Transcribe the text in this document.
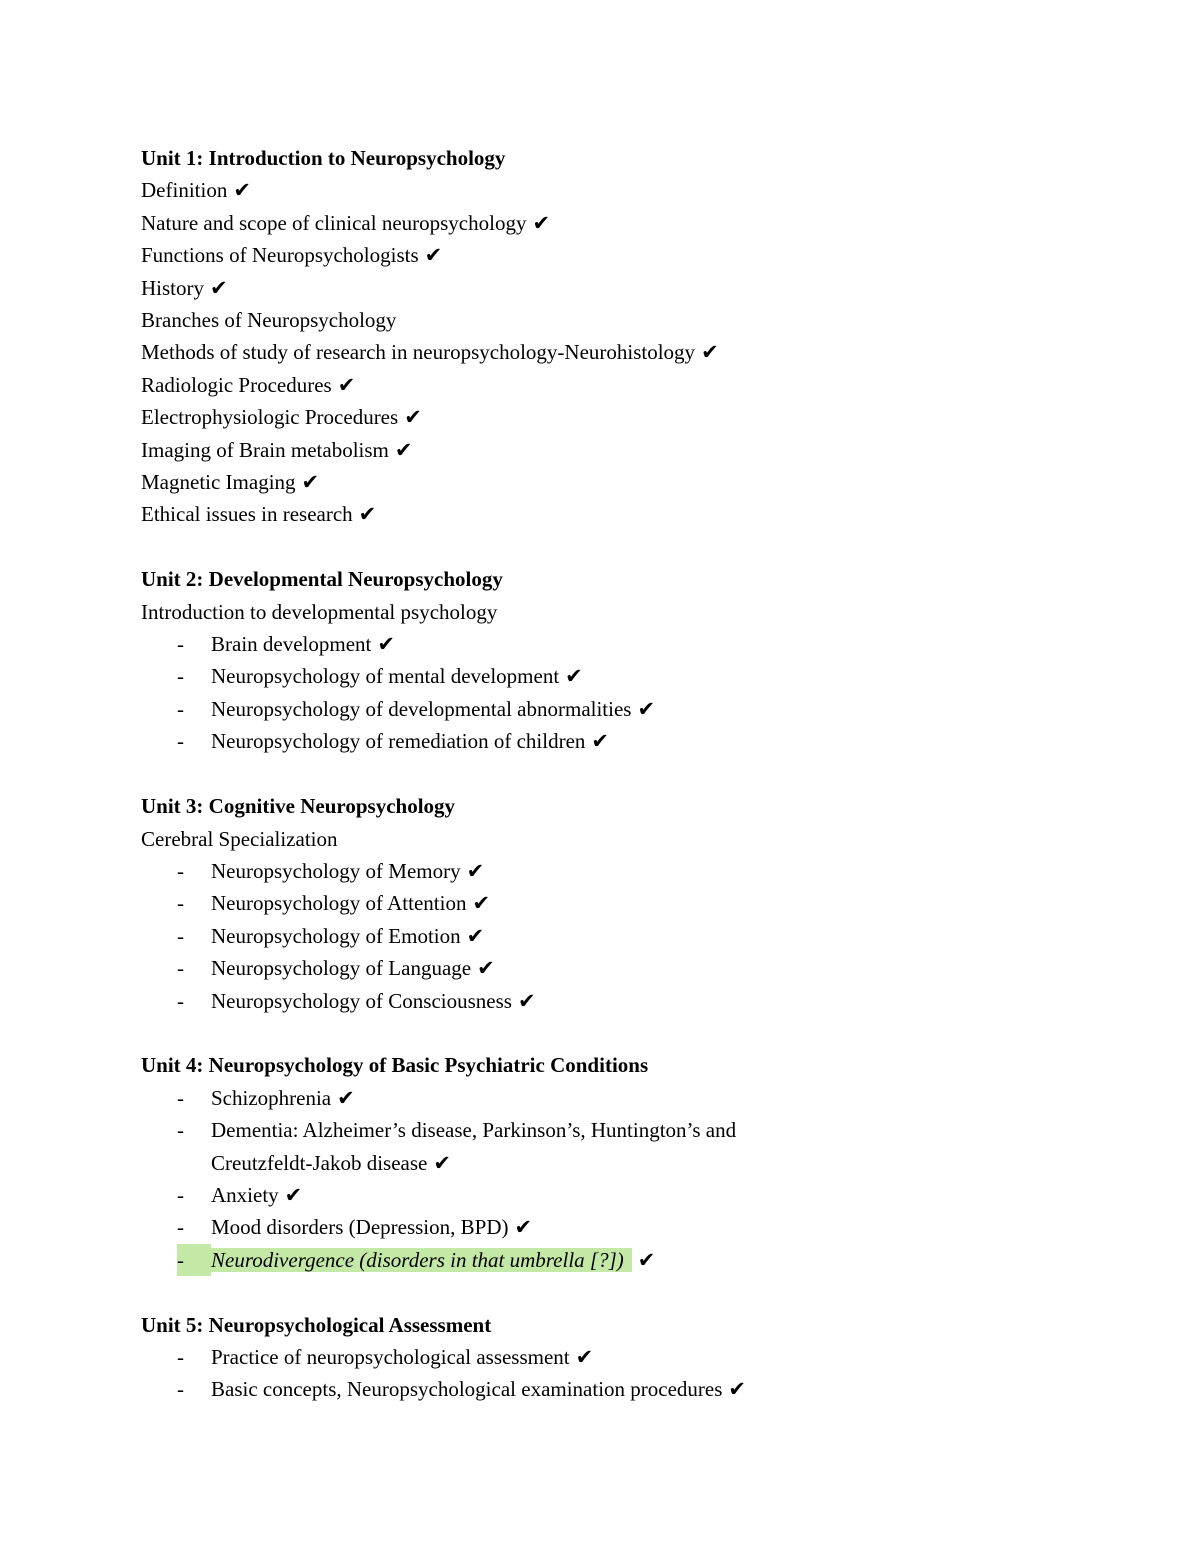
Unit 1: Introduction to Neuropsychology
Definition ✔
Nature and scope of clinical neuropsychology ✔
Functions of Neuropsychologists ✔
History ✔
Branches of Neuropsychology
Methods of study of research in neuropsychology-Neurohistology ✔
Radiologic Procedures ✔
Electrophysiologic Procedures ✔
Imaging of Brain metabolism ✔
Magnetic Imaging ✔
Ethical issues in research ✔
Unit 2: Developmental Neuropsychology
Introduction to developmental psychology
-	Brain development ✔
-	Neuropsychology of mental development ✔
-	Neuropsychology of developmental abnormalities ✔
-	Neuropsychology of remediation of children ✔
Unit 3: Cognitive Neuropsychology
Cerebral Specialization
-	Neuropsychology of Memory ✔
-	Neuropsychology of Attention ✔
-	Neuropsychology of Emotion ✔
-	Neuropsychology of Language ✔
-	Neuropsychology of Consciousness ✔
Unit 4: Neuropsychology of Basic Psychiatric Conditions
-	Schizophrenia ✔
-	Dementia: Alzheimer’s disease, Parkinson’s, Huntington’s and
Creutzfeldt-Jakob disease ✔
-	Anxiety ✔
-	Mood disorders (Depression, BPD) ✔
-	Neurodivergence (disorders in that umbrella [?]) ✔
Unit 5: Neuropsychological Assessment
-	Practice of neuropsychological assessment ✔
-	Basic concepts, Neuropsychological examination procedures ✔
